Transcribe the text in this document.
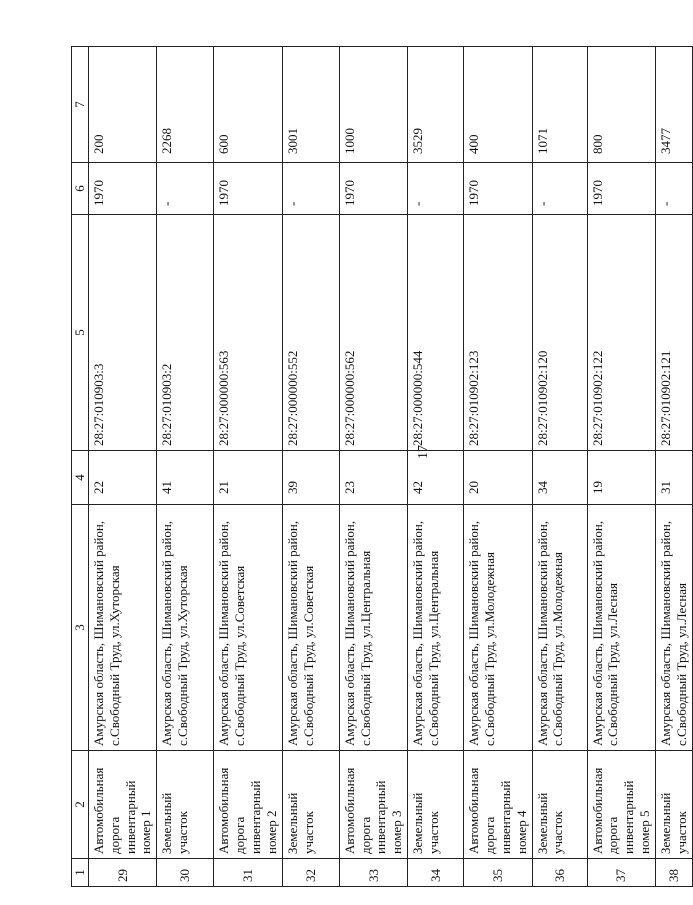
17
1	2	3	4	5	6	7
29	Автомобильная дорога инвентарный номер 1	Амурская область, Шимановский район, с.Свободный Труд, ул.Хуторская	22	28:27:010903:3	1970	200
30	Земельный участок	Амурская область, Шимановский район, с.Свободный Труд, ул.Хуторская	41	28:27:010903:2	-	2268
31	Автомобильная дорога инвентарный номер 2	Амурская область, Шимановский район, с.Свободный Труд, ул.Советская	21	28:27:000000:563	1970	600
32	Земельный участок	Амурская область, Шимановский район, с.Свободный Труд, ул.Советская	39	28:27:000000:552	-	3001
33	Автомобильная дорога инвентарный номер 3	Амурская область, Шимановский район, с.Свободный Труд, ул.Центральная	23	28:27:000000:562	1970	1000
34	Земельный участок	Амурская область, Шимановский район, с.Свободный Труд, ул.Центральная	42	28:27:000000:544	-	3529
35	Автомобильная дорога инвентарный номер 4	Амурская область, Шимановский район, с.Свободный Труд, ул.Молодежная	20	28:27:010902:123	1970	400
36	Земельный участок	Амурская область, Шимановский район, с.Свободный Труд, ул.Молодежная	34	28:27:010902:120	-	1071
37	Автомобильная дорога инвентарный номер 5	Амурская область, Шимановский район, с.Свободный Труд, ул.Лесная	19	28:27:010902:122	1970	800
38	Земельный участок	Амурская область, Шимановский район, с.Свободный Труд, ул.Лесная	31	28:27:010902:121	-	3477
